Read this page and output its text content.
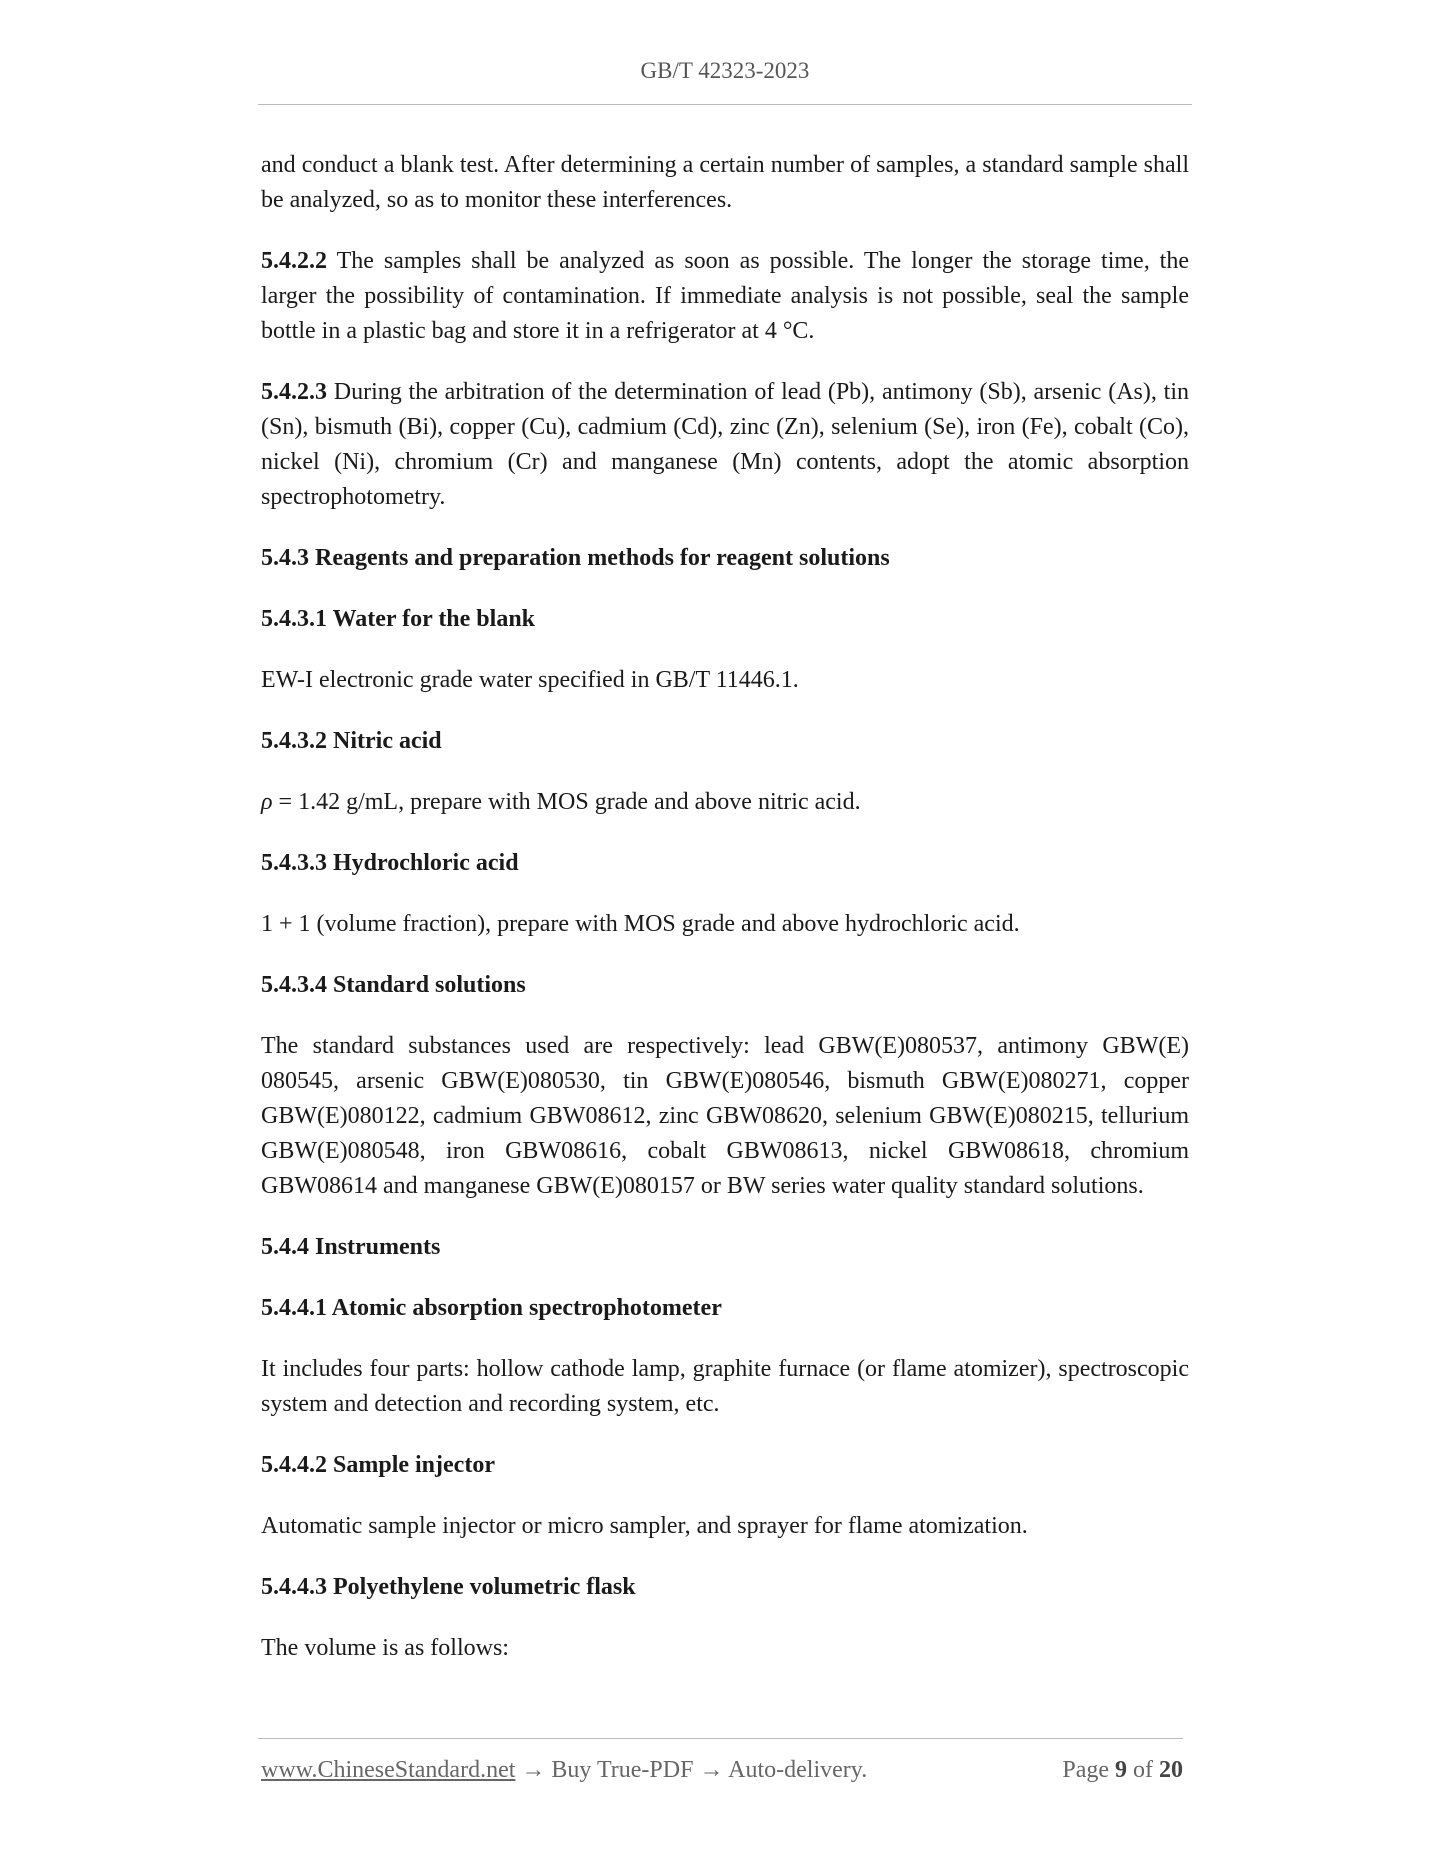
GB/T 42323-2023

and conduct a blank test. After determining a certain number of samples, a standard sample shall be analyzed, so as to monitor these interferences.

5.4.2.2 The samples shall be analyzed as soon as possible. The longer the storage time, the larger the possibility of contamination. If immediate analysis is not possible, seal the sample bottle in a plastic bag and store it in a refrigerator at 4 °C.

5.4.2.3 During the arbitration of the determination of lead (Pb), antimony (Sb), arsenic (As), tin (Sn), bismuth (Bi), copper (Cu), cadmium (Cd), zinc (Zn), selenium (Se), iron (Fe), cobalt (Co), nickel (Ni), chromium (Cr) and manganese (Mn) contents, adopt the atomic absorption spectrophotometry.

5.4.3 Reagents and preparation methods for reagent solutions
5.4.3.1 Water for the blank

EW-I electronic grade water specified in GB/T 11446.1.

5.4.3.2 Nitric acid

ρ = 1.42 g/mL, prepare with MOS grade and above nitric acid.

5.4.3.3 Hydrochloric acid

1 + 1 (volume fraction), prepare with MOS grade and above hydrochloric acid.

5.4.3.4 Standard solutions

The standard substances used are respectively: lead GBW(E)080537, antimony GBW(E) 080545, arsenic GBW(E)080530, tin GBW(E)080546, bismuth GBW(E)080271, copper GBW(E)080122, cadmium GBW08612, zinc GBW08620, selenium GBW(E)080215, tellurium GBW(E)080548, iron GBW08616, cobalt GBW08613, nickel GBW08618, chromium GBW08614 and manganese GBW(E)080157 or BW series water quality standard solutions.

5.4.4 Instruments
5.4.4.1 Atomic absorption spectrophotometer

It includes four parts: hollow cathode lamp, graphite furnace (or flame atomizer), spectroscopic system and detection and recording system, etc.

5.4.4.2 Sample injector

Automatic sample injector or micro sampler, and sprayer for flame atomization.

5.4.4.3 Polyethylene volumetric flask

The volume is as follows:

www.ChineseStandard.net → Buy True-PDF → Auto-delivery.	Page 9 of 20
